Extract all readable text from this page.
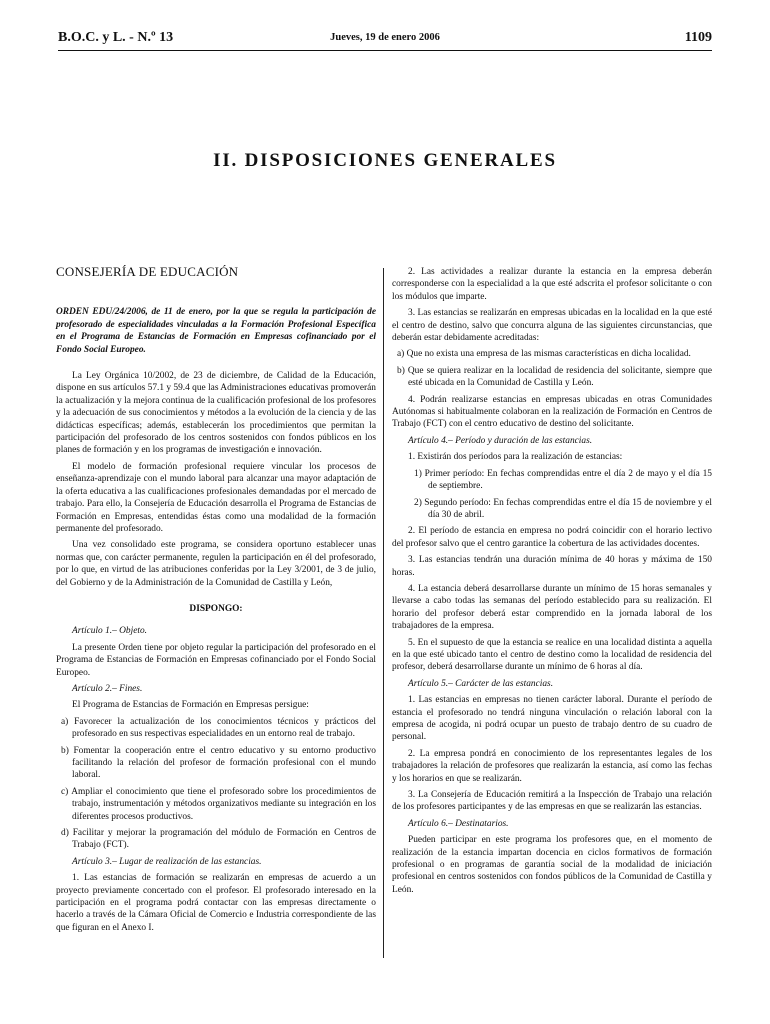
B.O.C. y L. - N.º 13	Jueves, 19 de enero 2006	1109
II. DISPOSICIONES GENERALES

CONSEJERÍA DE EDUCACIÓN

ORDEN EDU/24/2006, de 11 de enero, por la que se regula la participación de profesorado de especialidades vinculadas a la Formación Profesional Específica en el Programa de Estancias de Formación en Empresas cofinanciado por el Fondo Social Europeo.

La Ley Orgánica 10/2002, de 23 de diciembre, de Calidad de la Educación, dispone en sus artículos 57.1 y 59.4 que las Administraciones educativas promoverán la actualización y la mejora continua de la cualificación profesional de los profesores y la adecuación de sus conocimientos y métodos a la evolución de la ciencia y de las didácticas específicas; además, establecerán los procedimientos que permitan la participación del profesorado de los centros sostenidos con fondos públicos en los planes de formación y en los programas de investigación e innovación.

El modelo de formación profesional requiere vincular los procesos de enseñanza-aprendizaje con el mundo laboral para alcanzar una mayor adaptación de la oferta educativa a las cualificaciones profesionales demandadas por el mercado de trabajo. Para ello, la Consejería de Educación desarrolla el Programa de Estancias de Formación en Empresas, entendidas éstas como una modalidad de la formación permanente del profesorado.

Una vez consolidado este programa, se considera oportuno establecer unas normas que, con carácter permanente, regulen la participación en él del profesorado, por lo que, en virtud de las atribuciones conferidas por la Ley 3/2001, de 3 de julio, del Gobierno y de la Administración de la Comunidad de Castilla y León,

DISPONGO:

Artículo 1.– Objeto.

La presente Orden tiene por objeto regular la participación del profesorado en el Programa de Estancias de Formación en Empresas cofinanciado por el Fondo Social Europeo.

Artículo 2.– Fines.

El Programa de Estancias de Formación en Empresas persigue:

a) Favorecer la actualización de los conocimientos técnicos y prácticos del profesorado en sus respectivas especialidades en un entorno real de trabajo.

b) Fomentar la cooperación entre el centro educativo y su entorno productivo facilitando la relación del profesor de formación profesional con el mundo laboral.

c) Ampliar el conocimiento que tiene el profesorado sobre los procedimientos de trabajo, instrumentación y métodos organizativos mediante su integración en los diferentes procesos productivos.

d) Facilitar y mejorar la programación del módulo de Formación en Centros de Trabajo (FCT).

Artículo 3.– Lugar de realización de las estancias.

1. Las estancias de formación se realizarán en empresas de acuerdo a un proyecto previamente concertado con el profesor. El profesorado interesado en la participación en el programa podrá contactar con las empresas directamente o hacerlo a través de la Cámara Oficial de Comercio e Industria correspondiente de las que figuran en el Anexo I.

2. Las actividades a realizar durante la estancia en la empresa deberán corresponderse con la especialidad a la que esté adscrita el profesor solicitante o con los módulos que imparte.

3. Las estancias se realizarán en empresas ubicadas en la localidad en la que esté el centro de destino, salvo que concurra alguna de las siguientes circunstancias, que deberán estar debidamente acreditadas:

a) Que no exista una empresa de las mismas características en dicha localidad.

b) Que se quiera realizar en la localidad de residencia del solicitante, siempre que esté ubicada en la Comunidad de Castilla y León.

4. Podrán realizarse estancias en empresas ubicadas en otras Comunidades Autónomas si habitualmente colaboran en la realización de Formación en Centros de Trabajo (FCT) con el centro educativo de destino del solicitante.

Artículo 4.– Período y duración de las estancias.

1. Existirán dos períodos para la realización de estancias:

1) Primer período: En fechas comprendidas entre el día 2 de mayo y el día 15 de septiembre.

2) Segundo período: En fechas comprendidas entre el día 15 de noviembre y el día 30 de abril.

2. El período de estancia en empresa no podrá coincidir con el horario lectivo del profesor salvo que el centro garantice la cobertura de las actividades docentes.

3. Las estancias tendrán una duración mínima de 40 horas y máxima de 150 horas.

4. La estancia deberá desarrollarse durante un mínimo de 15 horas semanales y llevarse a cabo todas las semanas del período establecido para su realización. El horario del profesor deberá estar comprendido en la jornada laboral de los trabajadores de la empresa.

5. En el supuesto de que la estancia se realice en una localidad distinta a aquella en la que esté ubicado tanto el centro de destino como la localidad de residencia del profesor, deberá desarrollarse durante un mínimo de 6 horas al día.

Artículo 5.– Carácter de las estancias.

1. Las estancias en empresas no tienen carácter laboral. Durante el período de estancia el profesorado no tendrá ninguna vinculación o relación laboral con la empresa de acogida, ni podrá ocupar un puesto de trabajo dentro de su cuadro de personal.

2. La empresa pondrá en conocimiento de los representantes legales de los trabajadores la relación de profesores que realizarán la estancia, así como las fechas y los horarios en que se realizarán.

3. La Consejería de Educación remitirá a la Inspección de Trabajo una relación de los profesores participantes y de las empresas en que se realizarán las estancias.

Artículo 6.– Destinatarios.

Pueden participar en este programa los profesores que, en el momento de realización de la estancia impartan docencia en ciclos formativos de formación profesional o en programas de garantía social de la modalidad de iniciación profesional en centros sostenidos con fondos públicos de la Comunidad de Castilla y León.
